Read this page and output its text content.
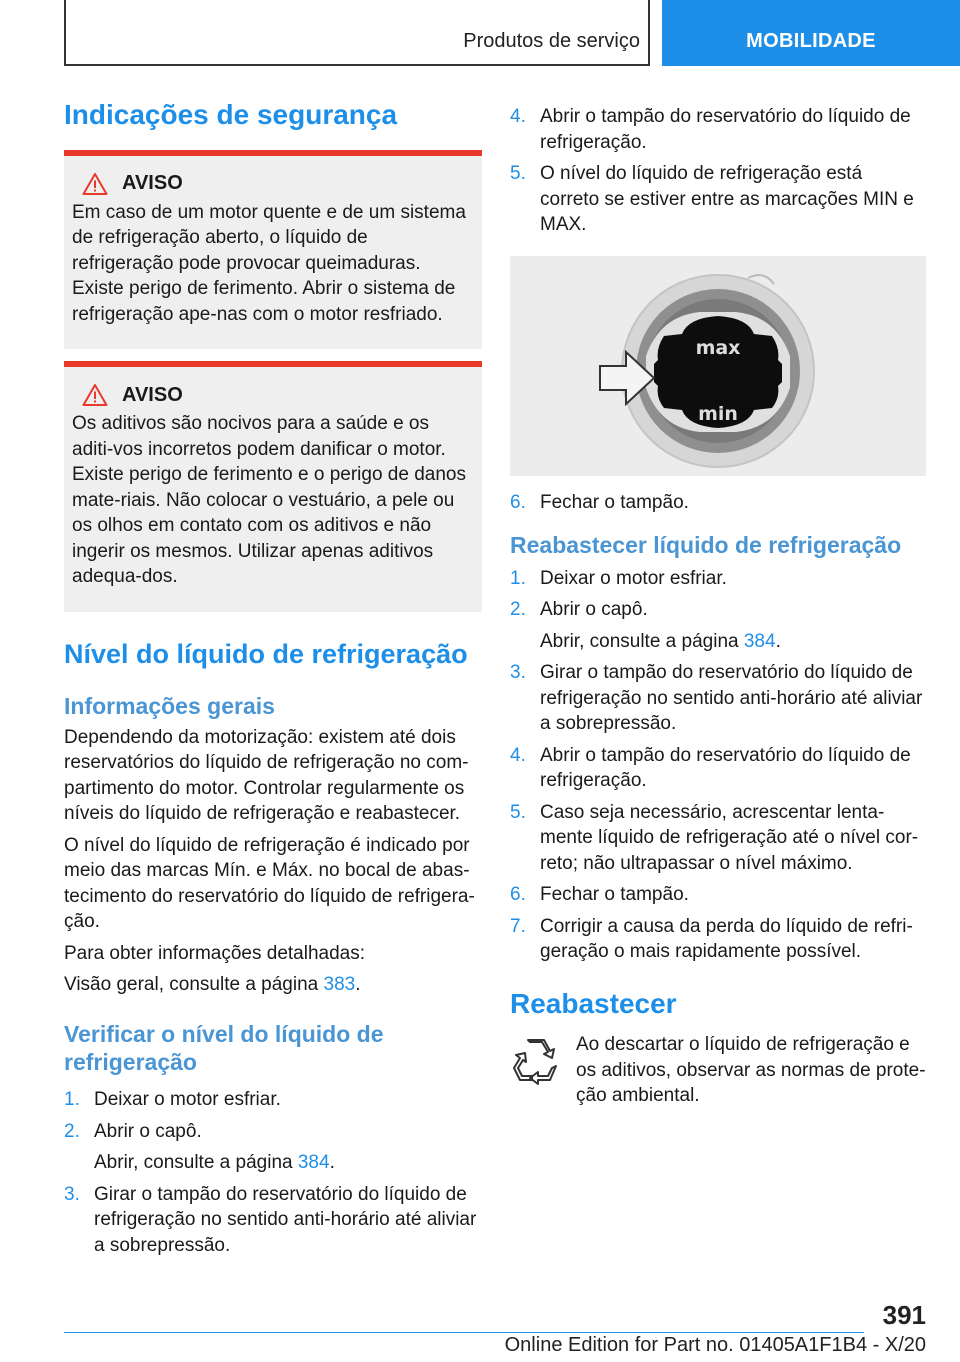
Produtos de serviço	MOBILIDADE
Indicações de segurança
AVISO

Em caso de um motor quente e de um sistema de refrigeração aberto, o líquido de refrigeração pode provocar queimaduras. Existe perigo de ferimento. Abrir o sistema de refrigeração ape-nas com o motor resfriado.

AVISO

Os aditivos são nocivos para a saúde e os aditi-vos incorretos podem danificar o motor. Existe perigo de ferimento e o perigo de danos mate-riais. Não colocar o vestuário, a pele ou os olhos em contato com os aditivos e não ingerir os mesmos. Utilizar apenas aditivos adequa-dos.

Nível do líquido de refrigeração
Informações gerais

Dependendo da motorização: existem até dois reservatórios do líquido de refrigeração no com-partimento do motor. Controlar regularmente os níveis do líquido de refrigeração e reabastecer.

O nível do líquido de refrigeração é indicado por meio das marcas Mín. e Máx. no bocal de abas-tecimento do reservatório do líquido de refrigera-ção.

Para obter informações detalhadas:

Visão geral, consulte a página 383.

Verificar o nível do líquido de refrigeração
1. Deixar o motor esfriar.
2. Abrir o capô.
Abrir, consulte a página 384.
3. Girar o tampão do reservatório do líquido de refrigeração no sentido anti-horário até aliviar a sobrepressão.
4. Abrir o tampão do reservatório do líquido de refrigeração.
5. O nível do líquido de refrigeração está correto se estiver entre as marcações MIN e MAX.
max
min
6. Fechar o tampão.
Reabastecer líquido de refrigeração
1. Deixar o motor esfriar.
2. Abrir o capô.
Abrir, consulte a página 384.
3. Girar o tampão do reservatório do líquido de refrigeração no sentido anti-horário até aliviar a sobrepressão.
4. Abrir o tampão do reservatório do líquido de refrigeração.
5. Caso seja necessário, acrescentar lenta-mente líquido de refrigeração até o nível cor-reto; não ultrapassar o nível máximo.
6. Fechar o tampão.
7. Corrigir a causa da perda do líquido de refri-geração o mais rapidamente possível.
Reabastecer

Ao descartar o líquido de refrigeração e os aditivos, observar as normas de prote-ção ambiental.

391
Online Edition for Part no. 01405A1F1B4 - X/20
